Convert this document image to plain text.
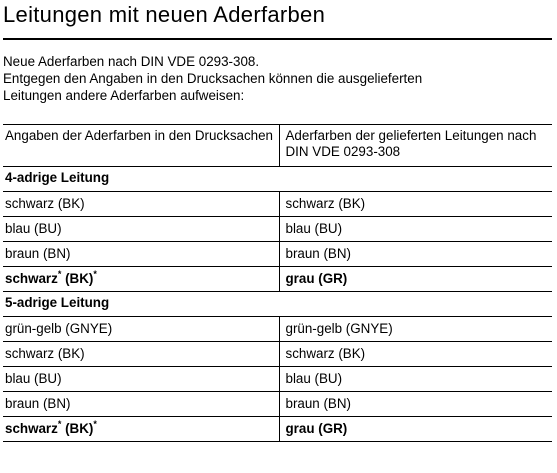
Leitungen mit neuen Aderfarben
Neue Aderfarben nach DIN VDE 0293-308.
Entgegen den Angaben in den Drucksachen können die ausgelieferten
Leitungen andere Aderfarben aufweisen:
Angaben der Aderfarben in den Drucksachen	Aderfarben der gelieferten Leitungen nach DIN VDE 0293-308
4-adrige Leitung	
schwarz (BK)	schwarz (BK)
blau (BU)	blau (BU)
braun (BN)	braun (BN)
schwarz* (BK)*	grau (GR)
5-adrige Leitung	
grün-gelb (GNYE)	grün-gelb (GNYE)
schwarz (BK)	schwarz (BK)
blau (BU)	blau (BU)
braun (BN)	braun (BN)
schwarz* (BK)*	grau (GR)
